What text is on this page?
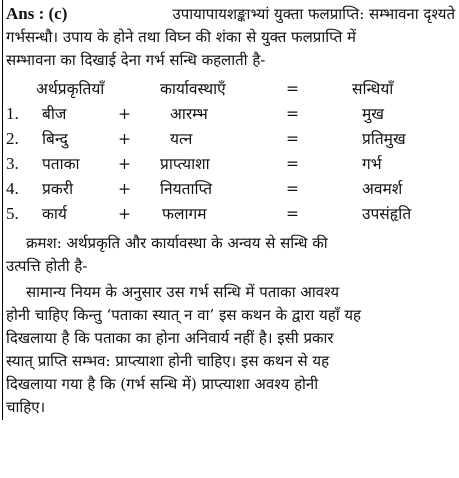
Ans : (c)	उपायापायशङ्काभ्यां युक्ता फलप्राप्ति: सम्भावना दृश्यते
गर्भसन्धौ। उपाय के होने तथा विघ्न की शंका से युक्त फलप्राप्ति में
सम्भावना का दिखाई देना गर्भ सन्धि कहलाती है-
अर्थप्रकृतियाँ	कार्यावस्थाएँ	=	सन्धियाँ
1. बीज	+	आरम्भ	=	मुख
2. बिन्दु	+	यत्न	=	प्रतिमुख
3. पताका + प्राप्त्याशा	=	गर्भ
4. प्रकरी	+ नियताप्ति	=	अवमर्श
5. कार्य	+ फलागम	=	उपसंहृति
क्रमश: अर्थप्रकृति और कार्यावस्था के अन्वय से सन्धि की
उत्पत्ति होती है-
सामान्य नियम के अनुसार उस गर्भ सन्धि में पताका आवश्य
होनी चाहिए किन्तु ‘पताका स्यात् न वा’ इस कथन के द्वारा यहाँ यह
दिखलाया है कि पताका का होना अनिवार्य नहीं है। इसी प्रकार
स्यात् प्राप्ति सम्भव: प्राप्त्याशा होनी चाहिए। इस कथन से यह
दिखलाया गया है कि (गर्भ सन्धि में) प्राप्त्याशा अवश्य होनी
चाहिए।
